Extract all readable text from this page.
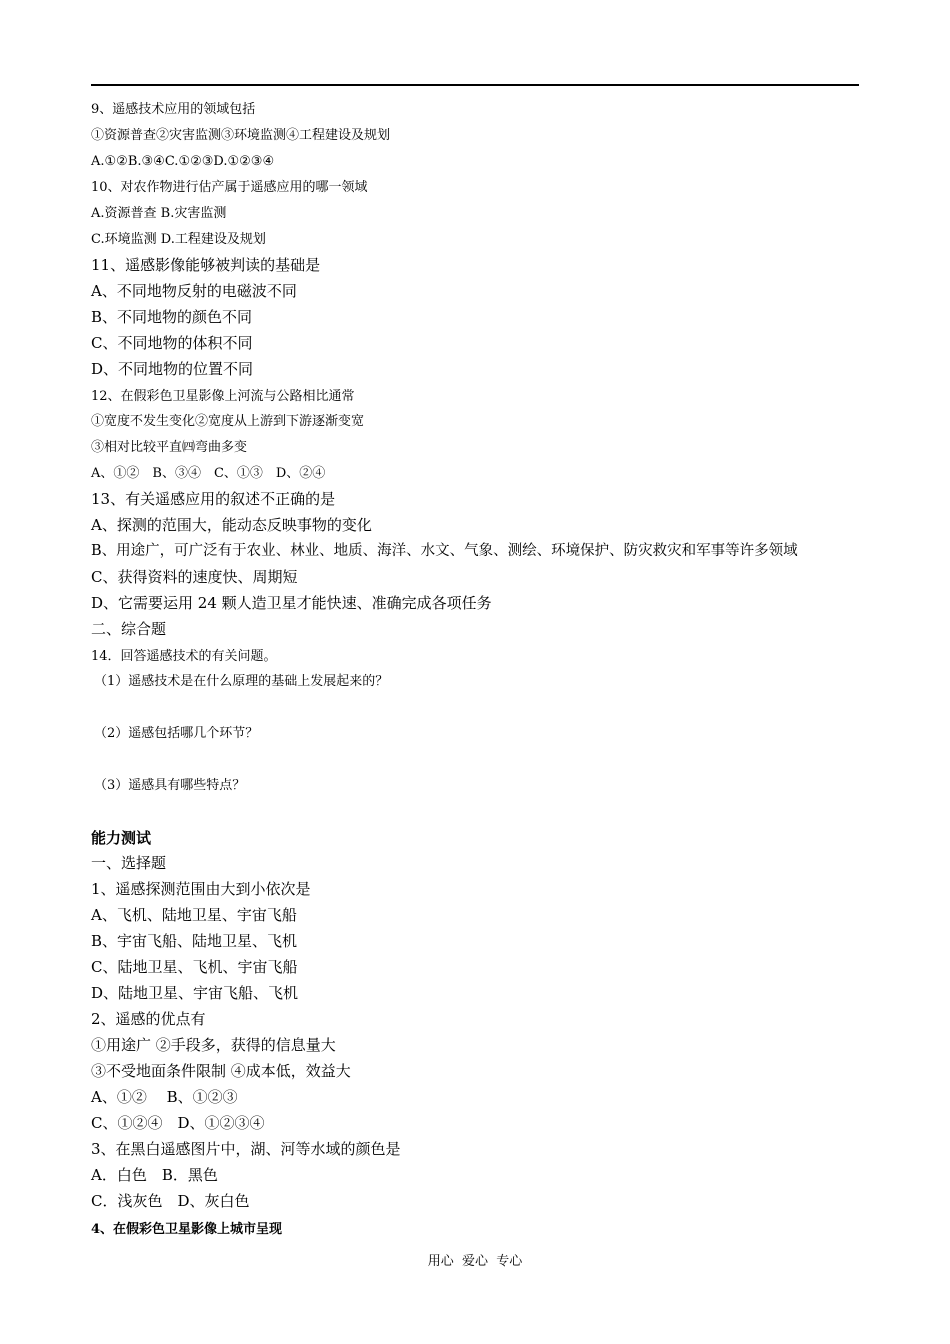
9、遥感技术应用的领域包括
①资源普查②灾害监测③环境监测④工程建设及规划
A.①②B.③④C.①②③D.①②③④
10、对农作物进行估产属于遥感应用的哪一领域
A.资源普查 B.灾害监测
C.环境监测 D.工程建设及规划
11、遥感影像能够被判读的基础是
A、不同地物反射的电磁波不同
B、不同地物的颜色不同
C、不同地物的体积不同
D、不同地物的位置不同
12、在假彩色卫星影像上河流与公路相比通常
①宽度不发生变化②宽度从上游到下游逐渐变宽
③相对比较平直㈣弯曲多变
A、①②　B、③④　C、①③　D、②④
13、有关遥感应用的叙述不正确的是
A、探测的范围大，能动态反映事物的变化
B、用途广，可广泛有于农业、林业、地质、海洋、水文、气象、测绘、环境保护、防灾救灾和军事等许多领域
C、获得资料的速度快、周期短
D、它需要运用 24 颗人造卫星才能快速、准确完成各项任务
二、综合题
14．回答遥感技术的有关问题。
（1）遥感技术是在什么原理的基础上发展起来的？
（2）遥感包括哪几个环节？
（3）遥感具有哪些特点？
能力测试
一、选择题
1、遥感探测范围由大到小依次是
A、飞机、陆地卫星、宇宙飞船
B、宇宙飞船、陆地卫星、飞机
C、陆地卫星、飞机、宇宙飞船
D、陆地卫星、宇宙飞船、飞机
2、遥感的优点有
①用途广 ②手段多，获得的信息量大
③不受地面条件限制 ④成本低，效益大
A、①②　 B、①②③
C、①②④　D、①②③④
3、在黑白遥感图片中，湖、河等水域的颜色是
A．白色　B．黑色
C．浅灰色　D、灰白色
4、在假彩色卫星影像上城市呈现
用心  爱心  专心
